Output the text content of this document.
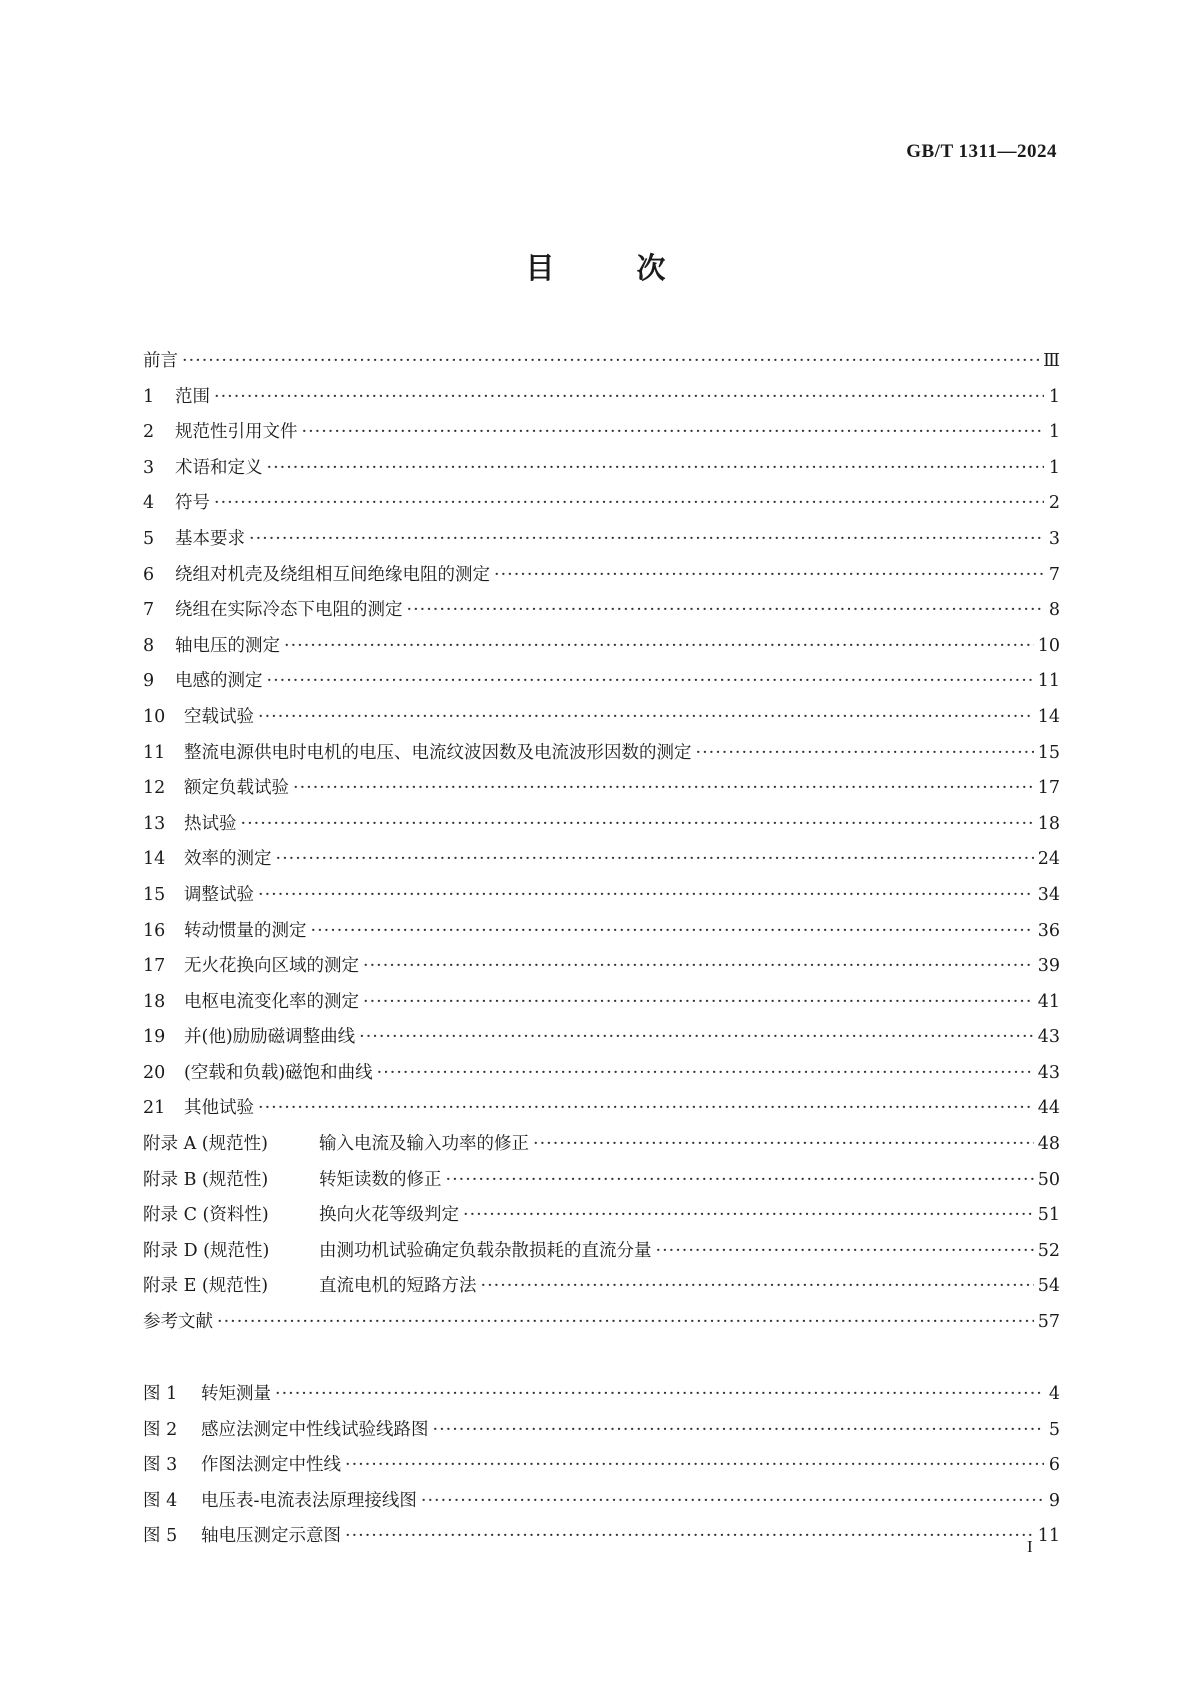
GB/T 1311—2024
目 次
前言 ·····	Ⅲ
1	范围 ·····	1
2	规范性引用文件 ·····	1
3	术语和定义 ·····	1
4	符号 ·····	2
5	基本要求 ·····	3
6	绕组对机壳及绕组相互间绝缘电阻的测定 ·····	7
7	绕组在实际冷态下电阻的测定 ·····	8
8	轴电压的测定 ·····	10
9	电感的测定 ·····	11
10	空载试验 ·····	14
11	整流电源供电时电机的电压、电流纹波因数及电流波形因数的测定 ·····	15
12	额定负载试验 ·····	17
13	热试验 ·····	18
14	效率的测定 ·····	24
15	调整试验 ·····	34
16	转动惯量的测定 ·····	36
17	无火花换向区域的测定 ·····	39
18	电枢电流变化率的测定 ·····	41
19	并(他)励励磁调整曲线 ·····	43
20	(空载和负载)磁饱和曲线 ·····	43
21	其他试验 ·····	44
附录 A (规范性)	输入电流及输入功率的修正 ·····	48
附录 B (规范性)	转矩读数的修正 ·····	50
附录 C (资料性)	换向火花等级判定 ·····	51
附录 D (规范性)	由测功机试验确定负载杂散损耗的直流分量 ·····	52
附录 E (规范性)	直流电机的短路方法 ·····	54
参考文献 ·····	57
图 1	转矩测量 ·····	4
图 2	感应法测定中性线试验线路图 ·····	5
图 3	作图法测定中性线 ·····	6
图 4	电压表-电流表法原理接线图 ·····	9
图 5	轴电压测定示意图 ·····	11
I
